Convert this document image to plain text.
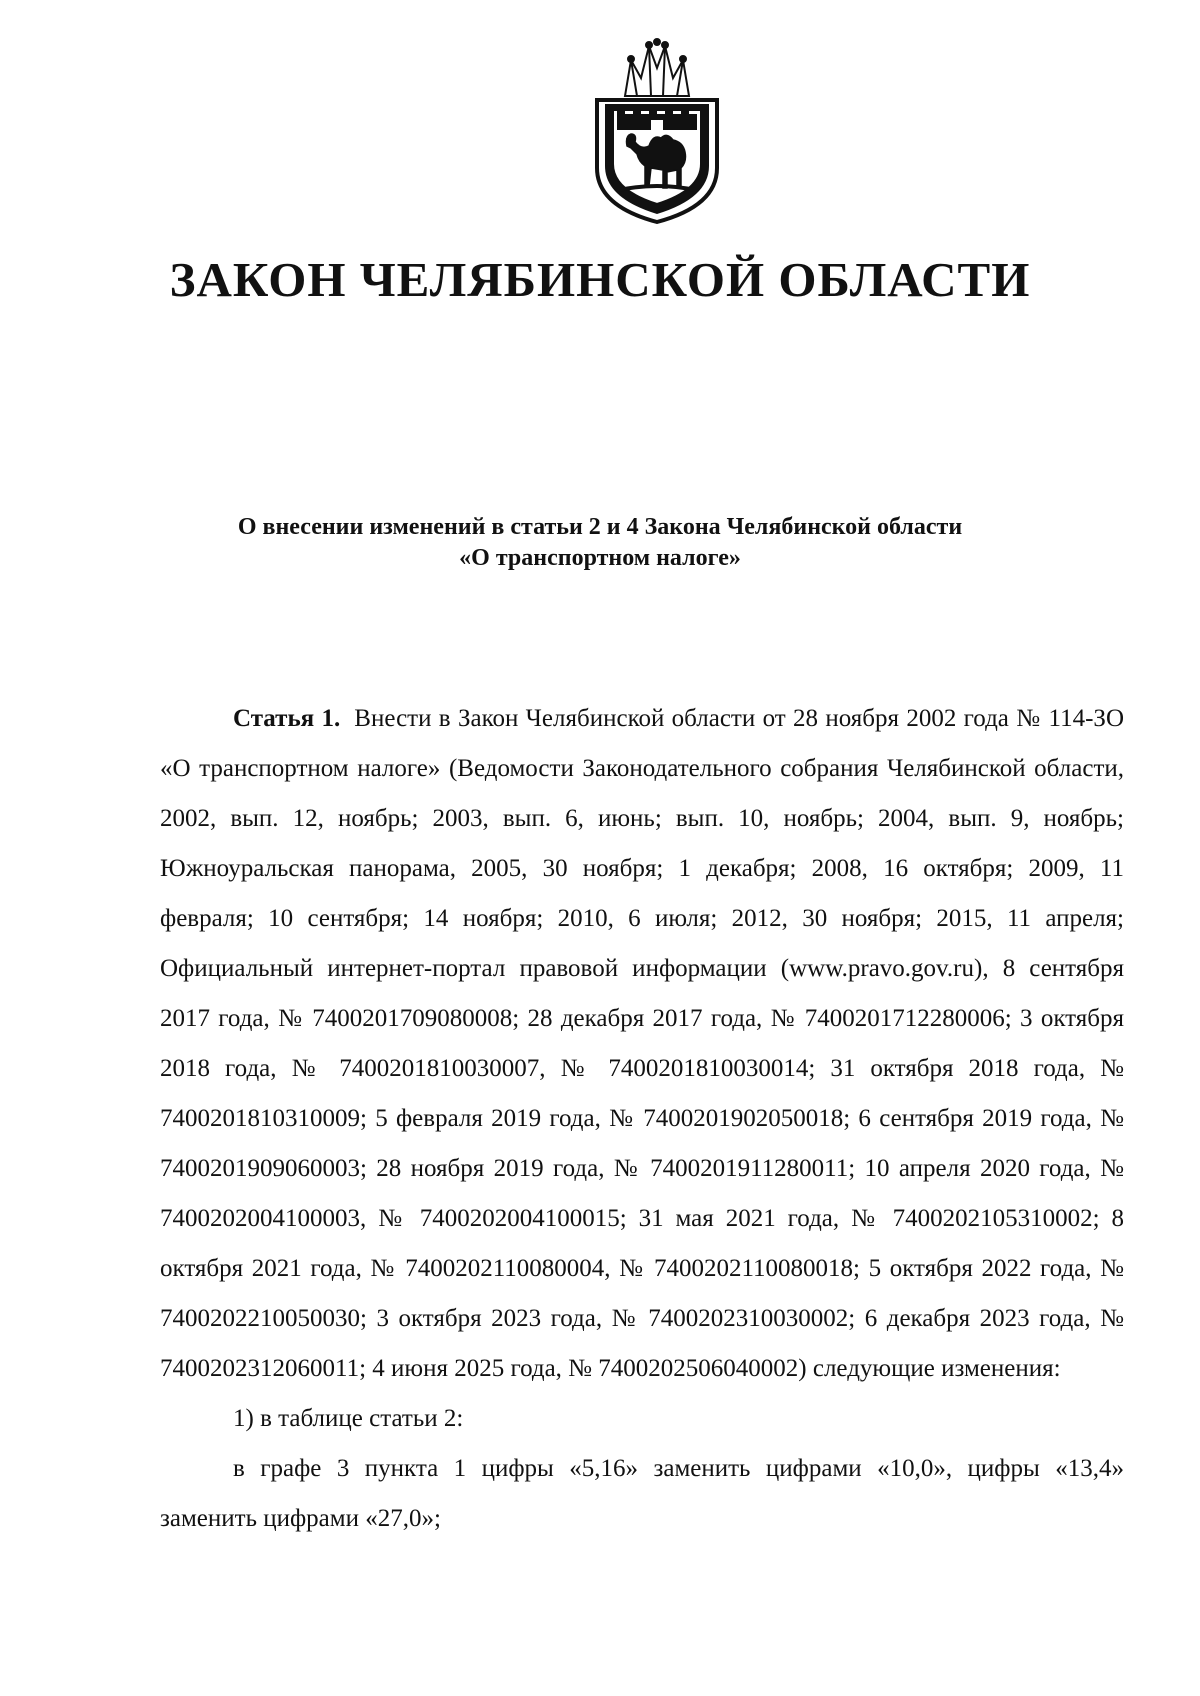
ЗАКОН ЧЕЛЯБИНСКОЙ ОБЛАСТИ
О внесении изменений в статьи 2 и 4 Закона Челябинской области
«О транспортном налоге»

Статья 1. Внести в Закон Челябинской области от 28 ноября 2002 года № 114-ЗО «О транспортном налоге» (Ведомости Законодательного собрания Челябинской области, 2002, вып. 12, ноябрь; 2003, вып. 6, июнь; вып. 10, ноябрь; 2004, вып. 9, ноябрь; Южноуральская панорама, 2005, 30 ноября; 1 декабря; 2008, 16 октября; 2009, 11 февраля; 10 сентября; 14 ноября; 2010, 6 июля; 2012, 30 ноября; 2015, 11 апреля; Официальный интернет-портал правовой информации (www.pravo.gov.ru), 8 сентября 2017 года, № 7400201709080008; 28 декабря 2017 года, № 7400201712280006; 3 октября 2018 года, № 7400201810030007, № 7400201810030014; 31 октября 2018 года, № 7400201810310009; 5 февраля 2019 года, № 7400201902050018; 6 сентября 2019 года, № 7400201909060003; 28 ноября 2019 года, № 7400201911280011; 10 апреля 2020 года, № 7400202004100003, № 7400202004100015; 31 мая 2021 года, № 7400202105310002; 8 октября 2021 года, № 7400202110080004, № 7400202110080018; 5 октября 2022 года, № 7400202210050030; 3 октября 2023 года, № 7400202310030002; 6 декабря 2023 года, № 7400202312060011; 4 июня 2025 года, № 7400202506040002) следующие изменения:

1) в таблице статьи 2:

в графе 3 пункта 1 цифры «5,16» заменить цифрами «10,0», цифры «13,4» заменить цифрами «27,0»;
